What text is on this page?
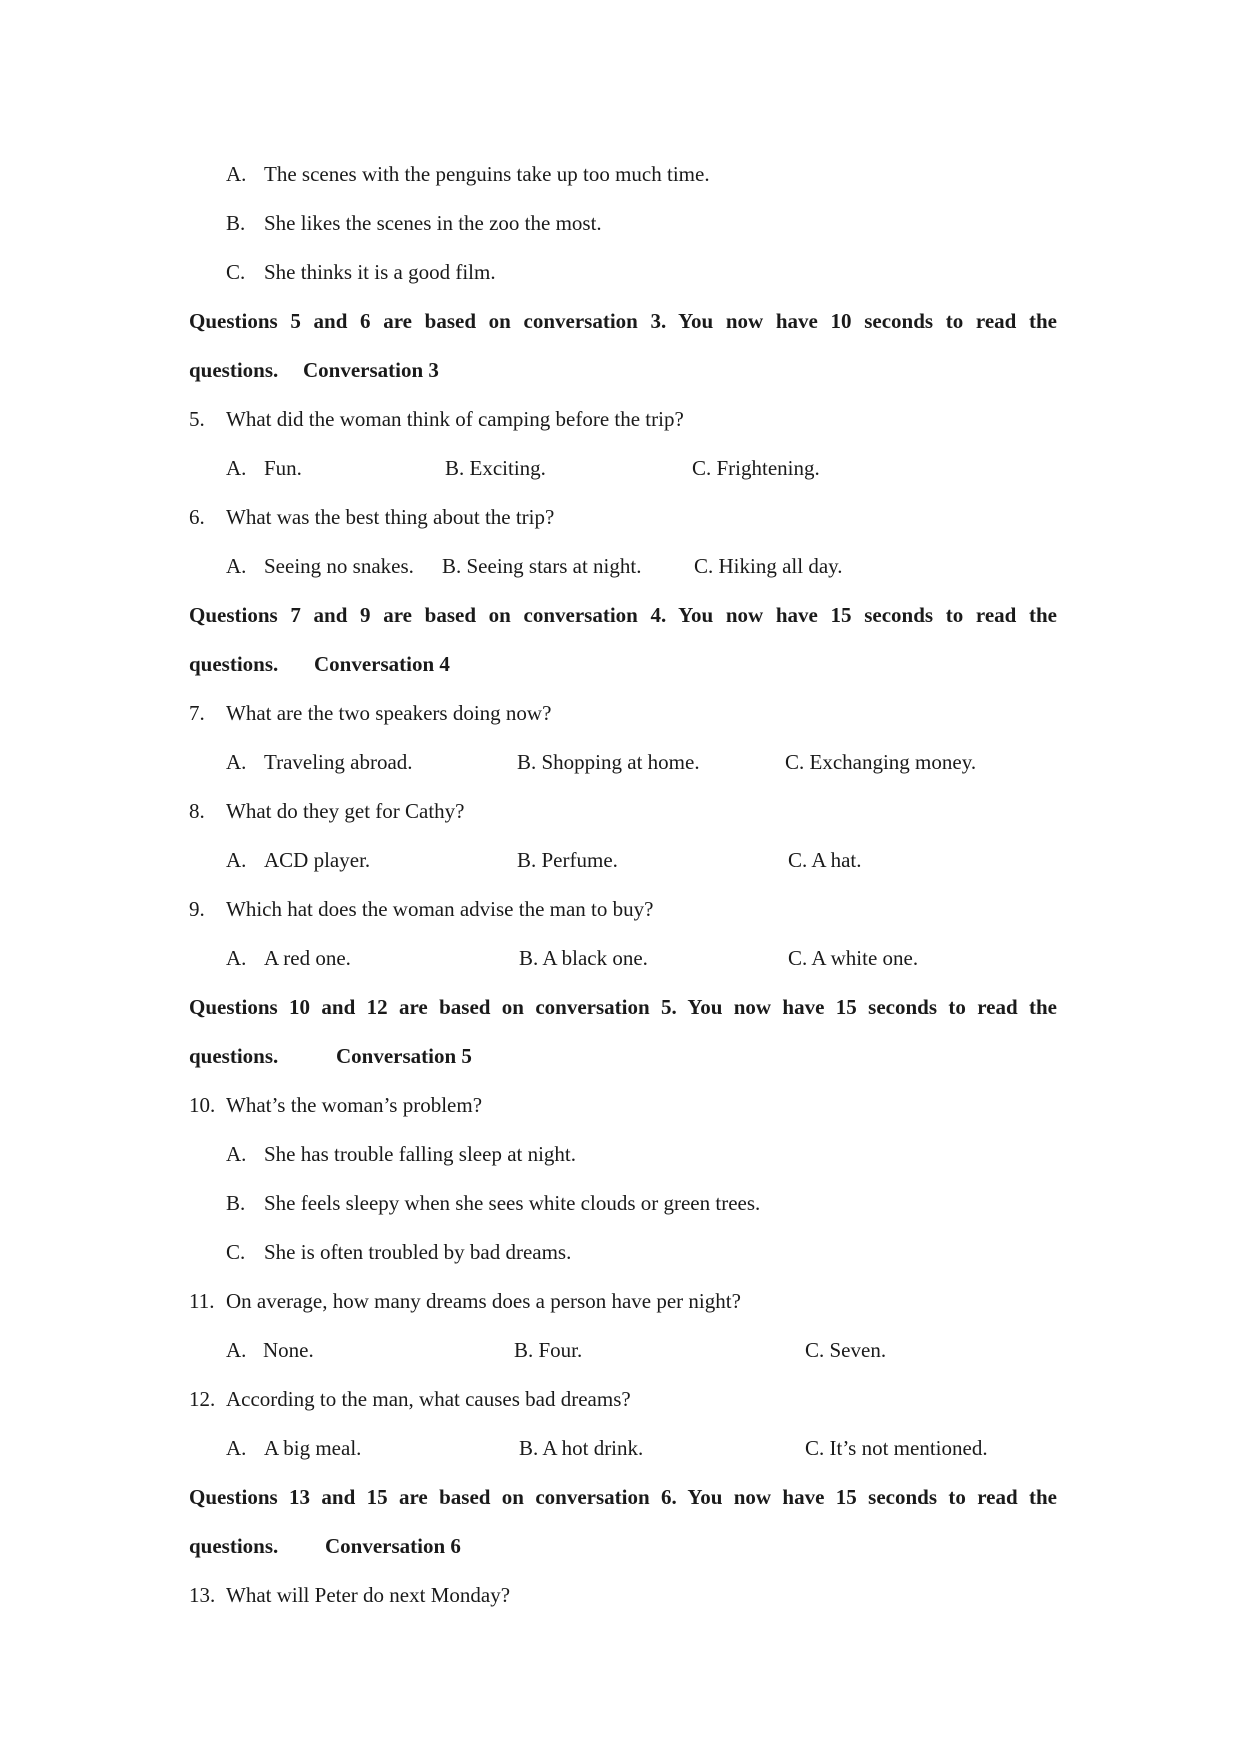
A. The scenes with the penguins take up too much time.
B. She likes the scenes in the zoo the most.
C. She thinks it is a good film.
Questions 5 and 6 are based on conversation 3. You now have 10 seconds to read the
questions. Conversation 3
5. What did the woman think of camping before the trip?
A. Fun.	B. Exciting.	C. Frightening.
6. What was the best thing about the trip?
A. Seeing no snakes. B. Seeing stars at night.	C. Hiking all day.
Questions 7 and 9 are based on conversation 4. You now have 15 seconds to read the
questions. Conversation 4
7. What are the two speakers doing now?
A. Traveling abroad.	B. Shopping at home.	C. Exchanging money.
8. What do they get for Cathy?
A. ACD player.	B. Perfume.	C. A hat.
9. Which hat does the woman advise the man to buy?
A. A red one.	B. A black one.	C. A white one.
Questions 10 and 12 are based on conversation 5. You now have 15 seconds to read the
questions.	Conversation 5
10. What’s the woman’s problem?
A. She has trouble falling sleep at night.
B. She feels sleepy when she sees white clouds or green trees.
C. She is often troubled by bad dreams.
11. On average, how many dreams does a person have per night?
A. None.	B. Four.	C. Seven.
12. According to the man, what causes bad dreams?
A. A big meal.	B. A hot drink.	C. It’s not mentioned.
Questions 13 and 15 are based on conversation 6. You now have 15 seconds to read the
questions. Conversation 6
13. What will Peter do next Monday?
